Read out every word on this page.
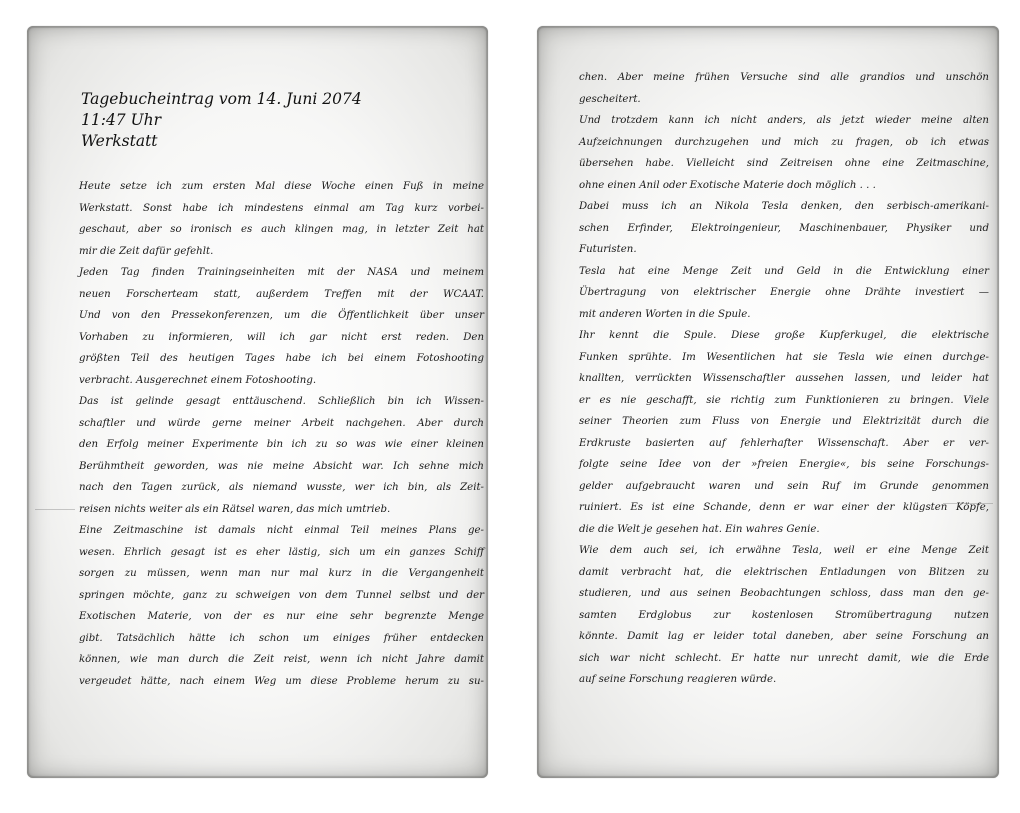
Tagebucheintrag vom 14. Juni 2074
11:47 Uhr
Werkstatt
Heute setze ich zum ersten Mal diese Woche einen Fuß in meine
Werkstatt. Sonst habe ich mindestens einmal am Tag kurz vorbei-
geschaut, aber so ironisch es auch klingen mag, in letzter Zeit hat
mir die Zeit dafür gefehlt.
Jeden Tag finden Trainingseinheiten mit der NASA und meinem
neuen Forscherteam statt, außerdem Treffen mit der WCAAT.
Und von den Pressekonferenzen, um die Öffentlichkeit über unser
Vorhaben zu informieren, will ich gar nicht erst reden. Den
größten Teil des heutigen Tages habe ich bei einem Fotoshooting
verbracht. Ausgerechnet einem Fotoshooting.
Das ist gelinde gesagt enttäuschend. Schließlich bin ich Wissen-
schaftler und würde gerne meiner Arbeit nachgehen. Aber durch
den Erfolg meiner Experimente bin ich zu so was wie einer kleinen
Berühmtheit geworden, was nie meine Absicht war. Ich sehne mich
nach den Tagen zurück, als niemand wusste, wer ich bin, als Zeit-
reisen nichts weiter als ein Rätsel waren, das mich umtrieb.
Eine Zeitmaschine ist damals nicht einmal Teil meines Plans ge-
wesen. Ehrlich gesagt ist es eher lästig, sich um ein ganzes Schiff
sorgen zu müssen, wenn man nur mal kurz in die Vergangenheit
springen möchte, ganz zu schweigen von dem Tunnel selbst und der
Exotischen Materie, von der es nur eine sehr begrenzte Menge
gibt. Tatsächlich hätte ich schon um einiges früher entdecken
können, wie man durch die Zeit reist, wenn ich nicht Jahre damit
vergeudet hätte, nach einem Weg um diese Probleme herum zu su-
chen. Aber meine frühen Versuche sind alle grandios und unschön
gescheitert.
Und trotzdem kann ich nicht anders, als jetzt wieder meine alten
Aufzeichnungen durchzugehen und mich zu fragen, ob ich etwas
übersehen habe. Vielleicht sind Zeitreisen ohne eine Zeitmaschine,
ohne einen Anil oder Exotische Materie doch möglich . . .
Dabei muss ich an Nikola Tesla denken, den serbisch-amerikani-
schen Erfinder, Elektroingenieur, Maschinenbauer, Physiker und
Futuristen.
Tesla hat eine Menge Zeit und Geld in die Entwicklung einer
Übertragung von elektrischer Energie ohne Drähte investiert —
mit anderen Worten in die Spule.
Ihr kennt die Spule. Diese große Kupferkugel, die elektrische
Funken sprühte. Im Wesentlichen hat sie Tesla wie einen durchge-
knallten, verrückten Wissenschaftler aussehen lassen, und leider hat
er es nie geschafft, sie richtig zum Funktionieren zu bringen. Viele
seiner Theorien zum Fluss von Energie und Elektrizität durch die
Erdkruste basierten auf fehlerhafter Wissenschaft. Aber er ver-
folgte seine Idee von der »freien Energie«, bis seine Forschungs-
gelder aufgebraucht waren und sein Ruf im Grunde genommen
ruiniert. Es ist eine Schande, denn er war einer der klügsten Köpfe,
die die Welt je gesehen hat. Ein wahres Genie.
Wie dem auch sei, ich erwähne Tesla, weil er eine Menge Zeit
damit verbracht hat, die elektrischen Entladungen von Blitzen zu
studieren, und aus seinen Beobachtungen schloss, dass man den ge-
samten Erdglobus zur kostenlosen Stromübertragung nutzen
könnte. Damit lag er leider total daneben, aber seine Forschung an
sich war nicht schlecht. Er hatte nur unrecht damit, wie die Erde
auf seine Forschung reagieren würde.
